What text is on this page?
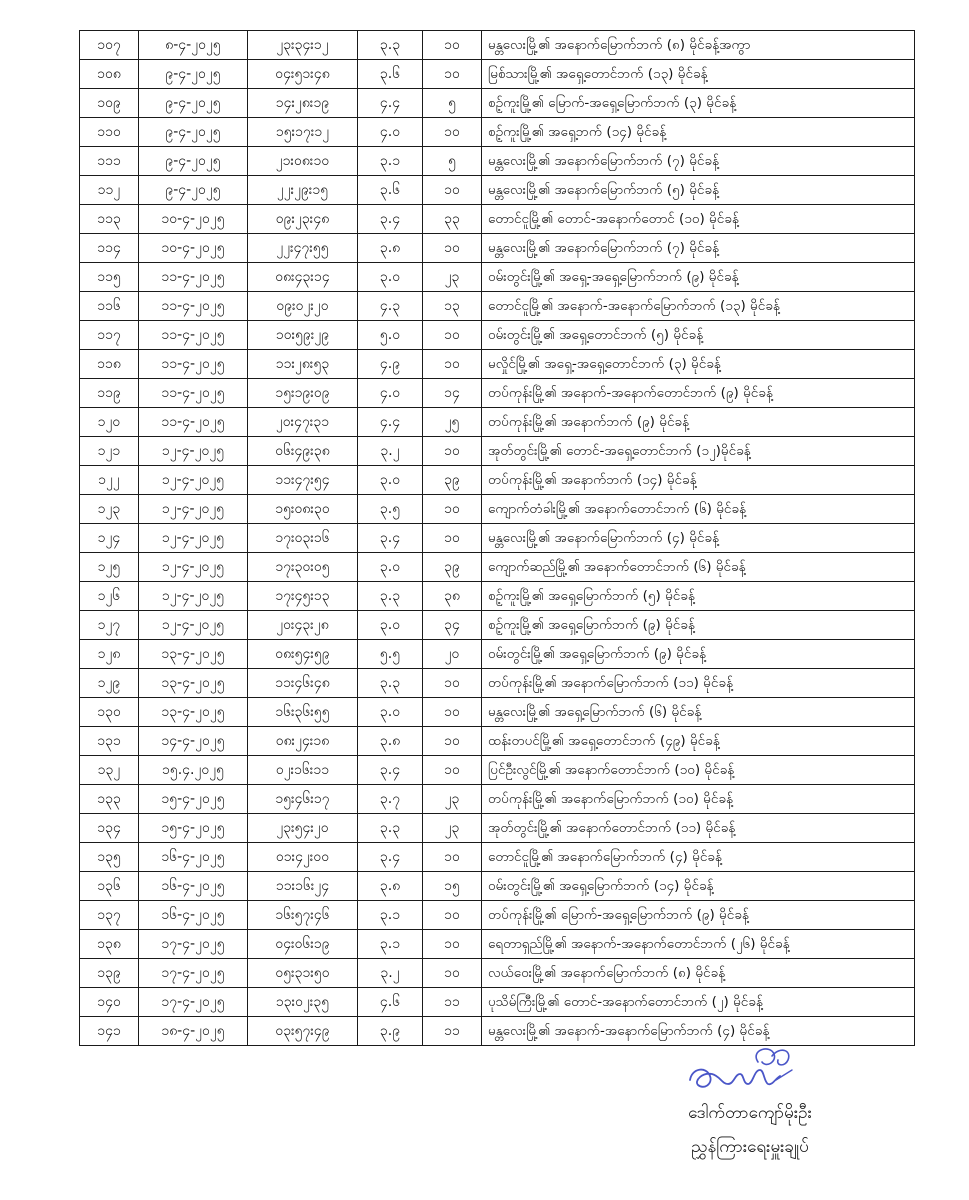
၁၀၇	၈-၄-၂၀၂၅	၂၃း၃၄း၁၂	၃.၃	၁၀	မန္တလေးမြို့၏ အနောက်မြောက်ဘက် (၈) မိုင်ခန့်အကွာ
၁၀၈	၉-၄-၂၀၂၅	၀၄း၅၁း၄၈	၃.၆	၁၀	မြစ်သားမြို့၏ အရှေ့တောင်ဘက် (၁၃) မိုင်ခန့်
၁၀၉	၉-၄-၂၀၂၅	၁၄း၂၈း၁၉	၄.၄	၅	စဥ့်ကူးမြို့၏ မြောက်-အရှေ့မြောက်ဘက် (၃) မိုင်ခန့်
၁၁၀	၉-၄-၂၀၂၅	၁၅း၁၇း၁၂	၄.၀	၁၀	စဥ့်ကူးမြို့၏ အရှေ့ဘက် (၁၄) မိုင်ခန့်
၁၁၁	၉-၄-၂၀၂၅	၂၁း၀၈း၁၀	၃.၁	၅	မန္တလေးမြို့၏ အနောက်မြောက်ဘက် (၇) မိုင်ခန့်
၁၁၂	၉-၄-၂၀၂၅	၂၂း၂၉း၁၅	၃.၆	၁၀	မန္တလေးမြို့၏ အနောက်မြောက်ဘက် (၅) မိုင်ခန့်
၁၁၃	၁၀-၄-၂၀၂၅	၀၉း၂၃း၄၈	၃.၄	၃၃	တောင်ငူမြို့၏ တောင်-အနောက်တောင် (၁၀) မိုင်ခန့်
၁၁၄	၁၀-၄-၂၀၂၅	၂၂း၄၇း၅၅	၃.၈	၁၀	မန္တလေးမြို့၏ အနောက်မြောက်ဘက် (၇) မိုင်ခန့်
၁၁၅	၁၁-၄-၂၀၂၅	၀၈း၄၃း၁၄	၃.၀	၂၃	ဝမ်းတွင်းမြို့၏ အရှေ့-အရှေ့မြောက်ဘက် (၉) မိုင်ခန့်
၁၁၆	၁၁-၄-၂၀၂၅	၀၉း၀၂း၂၀	၄.၃	၁၃	တောင်ငူမြို့၏ အနောက်-အနောက်မြောက်ဘက် (၁၃) မိုင်ခန့်
၁၁၇	၁၁-၄-၂၀၂၅	၁၀း၅၉း၂၉	၅.၀	၁၀	ဝမ်းတွင်းမြို့၏ အရှေ့တောင်ဘက် (၅) မိုင်ခန့်
၁၁၈	၁၁-၄-၂၀၂၅	၁၁း၂၈း၅၃	၄.၉	၁၀	မလှိုင်မြို့၏ အရှေ့-အရှေ့တောင်ဘက် (၃) မိုင်ခန့်
၁၁၉	၁၁-၄-၂၀၂၅	၁၅း၁၉း၀၉	၄.၀	၁၄	တပ်ကုန်းမြို့၏ အနောက်-အနောက်တောင်ဘက် (၉) မိုင်ခန့်
၁၂၀	၁၁-၄-၂၀၂၅	၂၀း၄၇း၃၁	၄.၄	၂၅	တပ်ကုန်းမြို့၏ အနောက်ဘက် (၉) မိုင်ခန့်
၁၂၁	၁၂-၄-၂၀၂၅	၀၆း၄၉း၃၈	၃.၂	၁၀	အုတ်တွင်းမြို့၏ တောင်-အရှေ့တောင်ဘက် (၁၂)မိုင်ခန့်
၁၂၂	၁၂-၄-၂၀၂၅	၁၁း၄၇း၅၄	၃.၀	၃၉	တပ်ကုန်းမြို့၏ အနောက်ဘက် (၁၄) မိုင်ခန့်
၁၂၃	၁၂-၄-၂၀၂၅	၁၅း၀၈း၃၀	၃.၅	၁၀	ကျောက်တံခါးမြို့၏ အနောက်တောင်ဘက် (၆) မိုင်ခန့်
၁၂၄	၁၂-၄-၂၀၂၅	၁၇း၀၃း၁၆	၃.၄	၁၀	မန္တလေးမြို့၏ အနောက်မြောက်ဘက် (၄) မိုင်ခန့်
၁၂၅	၁၂-၄-၂၀၂၅	၁၇း၃၀း၀၅	၃.၀	၃၉	ကျောက်ဆည်မြို့၏ အနောက်တောင်ဘက် (၆) မိုင်ခန့်
၁၂၆	၁၂-၄-၂၀၂၅	၁၇း၄၅း၁၃	၃.၃	၃၈	စဥ့်ကူးမြို့၏ အရှေ့မြောက်ဘက် (၅) မိုင်ခန့်
၁၂၇	၁၂-၄-၂၀၂၅	၂၀း၄၃း၂၈	၃.၀	၃၄	စဥ့်ကူးမြို့၏ အရှေ့မြောက်ဘက် (၉) မိုင်ခန့်
၁၂၈	၁၃-၄-၂၀၂၅	၀၈း၅၄း၅၉	၅.၅	၂၀	ဝမ်းတွင်းမြို့၏ အရှေ့မြောက်ဘက် (၉) မိုင်ခန့်
၁၂၉	၁၃-၄-၂၀၂၅	၁၁း၄၆း၄၈	၃.၃	၁၀	တပ်ကုန်းမြို့၏ အနောက်မြောက်ဘက် (၁၁) မိုင်ခန့်
၁၃၀	၁၃-၄-၂၀၂၅	၁၆း၃၆း၅၅	၃.၀	၁၀	မန္တလေးမြို့၏ အရှေ့မြောက်ဘက် (၆) မိုင်ခန့်
၁၃၁	၁၄-၄-၂၀၂၅	၀၈း၂၄း၁၈	၃.၈	၁၀	ထန်းတပင်မြို့၏ အရှေ့တောင်ဘက် (၄၉) မိုင်ခန့်
၁၃၂	၁၅.၄.၂၀၂၅	၀၂း၁၆း၁၁	၃.၄	၁၀	ပြင်ဦးလွင်မြို့၏ အနောက်တောင်ဘက် (၁၀) မိုင်ခန့်
၁၃၃	၁၅-၄-၂၀၂၅	၁၅း၄၆း၁၇	၃.၇	၂၃	တပ်ကုန်းမြို့၏ အနောက်မြောက်ဘက် (၁၀) မိုင်ခန့်
၁၃၄	၁၅-၄-၂၀၂၅	၂၃း၅၄း၂၀	၃.၃	၂၃	အုတ်တွင်းမြို့၏ အနောက်တောင်ဘက် (၁၁) မိုင်ခန့်
၁၃၅	၁၆-၄-၂၀၂၅	၀၁း၄၂း၀၀	၃.၄	၁၀	တောင်ငူမြို့၏ အနောက်မြောက်ဘက် (၄) မိုင်ခန့်
၁၃၆	၁၆-၄-၂၀၂၅	၁၁း၁၆း၂၄	၃.၈	၁၅	ဝမ်းတွင်းမြို့၏ အရှေ့မြောက်ဘက် (၁၄) မိုင်ခန့်
၁၃၇	၁၆-၄-၂၀၂၅	၁၆း၅၇း၄၆	၃.၁	၁၀	တပ်ကုန်းမြို့၏ မြောက်-အရှေ့မြောက်ဘက် (၉) မိုင်ခန့်
၁၃၈	၁၇-၄-၂၀၂၅	၀၄း၀၆း၁၉	၃.၁	၁၀	ရေတာရှည်မြို့၏ အနောက်-အနောက်တောင်ဘက် (၂၆) မိုင်ခန့်
၁၃၉	၁၇-၄-၂၀၂၅	၀၅း၃၁း၅၀	၃.၂	၁၀	လယ်ဝေးမြို့၏ အနောက်မြောက်ဘက် (၈) မိုင်ခန့်
၁၄၀	၁၇-၄-၂၀၂၅	၁၃း၀၂း၃၅	၄.၆	၁၁	ပုသိမ်ကြီးမြို့၏ တောင်-အနောက်တောင်ဘက် (၂) မိုင်ခန့်
၁၄၁	၁၈-၄-၂၀၂၅	၀၃း၅၇း၄၉	၃.၉	၁၁	မန္တလေးမြို့၏ အနောက်-အနောက်မြောက်ဘက် (၄) မိုင်ခန့်
ဒေါက်တာကျော်မိုးဦး
ညွှန်ကြားရေးမှူးချုပ်
